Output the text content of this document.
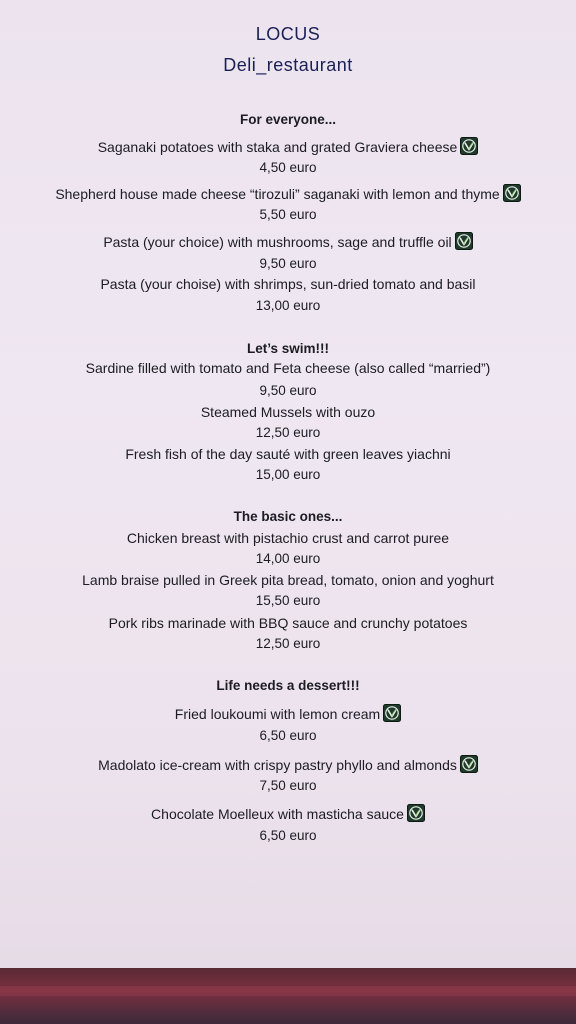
LOCUS
Deli_restaurant
For everyone...
Saganaki potatoes with staka and grated Graviera cheese
4,50 euro
Shepherd house made cheese “tirozuli” saganaki with lemon and thyme
5,50 euro
Pasta (your choice) with mushrooms, sage and truffle oil
9,50 euro
Pasta (your choise) with shrimps, sun-dried tomato and basil
13,00 euro
Let’s swim!!!
Sardine filled with tomato and Feta cheese (also called “married”)
9,50 euro
Steamed Mussels with ouzo
12,50 euro
Fresh fish of the day sauté with green leaves yiachni
15,00 euro
The basic ones...
Chicken breast with pistachio crust and carrot puree
14,00 euro
Lamb braise pulled in Greek pita bread, tomato, onion and yoghurt
15,50 euro
Pork ribs marinade with BBQ sauce and crunchy potatoes
12,50 euro
Life needs a dessert!!!
Fried loukoumi with lemon cream
6,50 euro
Madolato ice-cream with crispy pastry phyllo and almonds
7,50 euro
Chocolate Moelleux with masticha sauce
6,50 euro
